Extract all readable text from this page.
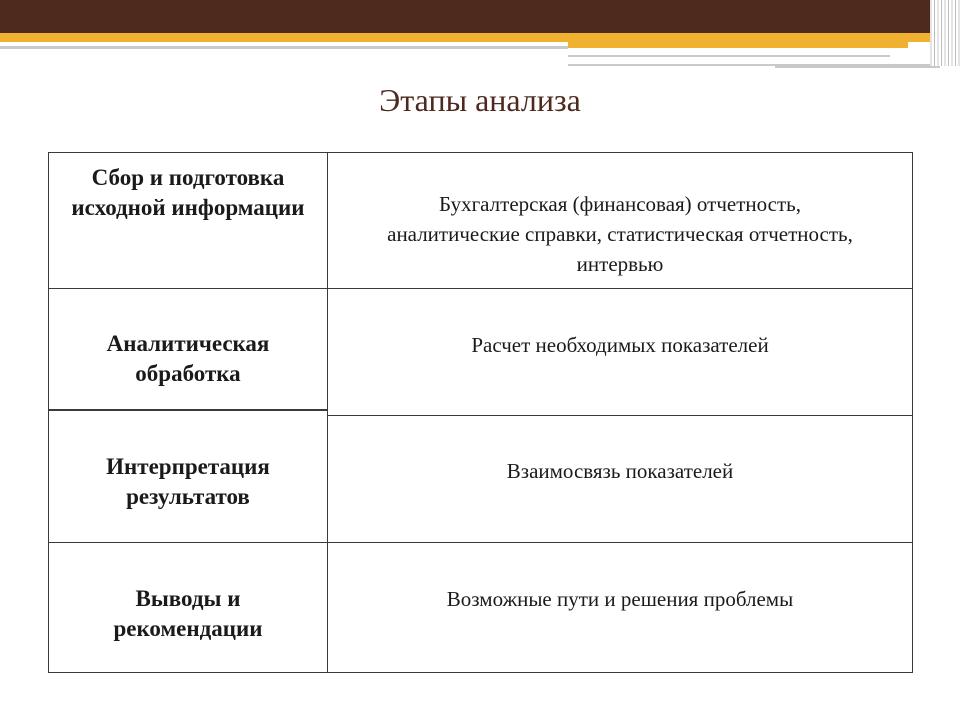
Этапы анализа
Сбор и подготовка исходной информации	Бухгалтерская (финансовая) отчетность, аналитические справки, статистическая отчетность, интервью
Аналитическая обработка
Расчет необходимых показателей
Интерпретация результатов
Взаимосвязь показателей
Выводы и рекомендации
Возможные пути и решения проблемы
